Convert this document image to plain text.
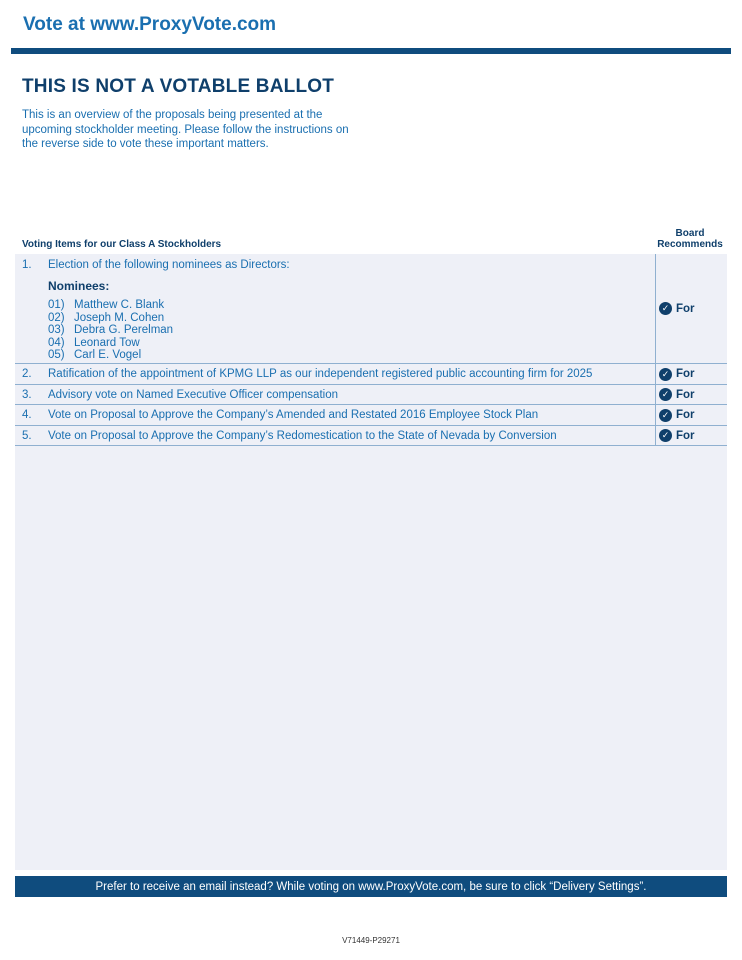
Vote at www.ProxyVote.com
THIS IS NOT A VOTABLE BALLOT
This is an overview of the proposals being presented at the upcoming stockholder meeting. Please follow the instructions on the reverse side to vote these important matters.
Voting Items for our Class A Stockholders
Board
Recommends
1. Election of the following nominees as Directors:
Nominees:
01) Matthew C. Blank
02) Joseph M. Cohen
03) Debra G. Perelman
04) Leonard Tow
05) Carl E. Vogel
✓ For
2. Ratification of the appointment of KPMG LLP as our independent registered public accounting firm for 2025	✓ For
3. Advisory vote on Named Executive Officer compensation	✓ For
4. Vote on Proposal to Approve the Company’s Amended and Restated 2016 Employee Stock Plan	✓ For
5. Vote on Proposal to Approve the Company’s Redomestication to the State of Nevada by Conversion	✓ For
Prefer to receive an email instead? While voting on www.ProxyVote.com, be sure to click “Delivery Settings”.
V71449-P29271
